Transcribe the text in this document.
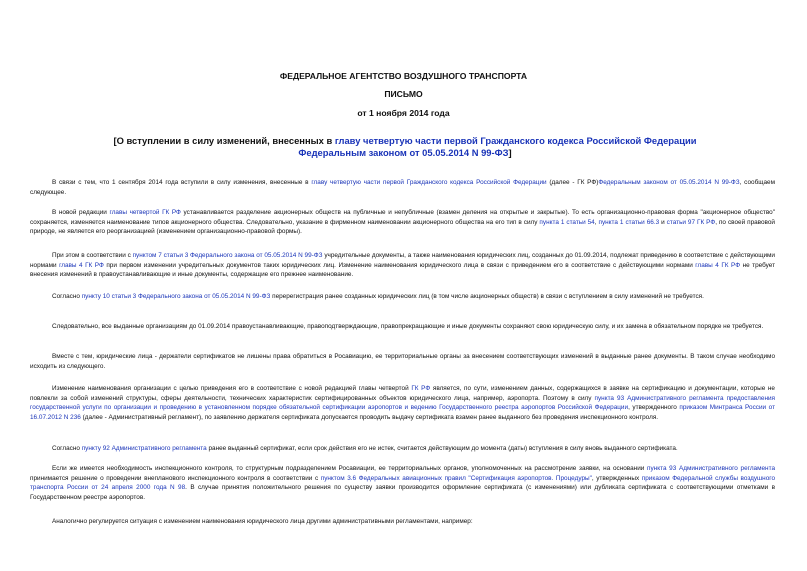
ФЕДЕРАЛЬНОЕ АГЕНТСТВО ВОЗДУШНОГО ТРАНСПОРТА
ПИСЬМО
от 1 ноября 2014 года
[О вступлении в силу изменений, внесенных в главу четвертую части первой Гражданского кодекса Российской Федерации Федеральным законом от 05.05.2014 N 99-ФЗ]

В связи с тем, что 1 сентября 2014 года вступили в силу изменения, внесенные в главу четвертую части первой Гражданского кодекса Российской Федерации (далее - ГК РФ)Федеральным законом от 05.05.2014 N 99-ФЗ, сообщаем следующее.

В новой редакции главы четвертой ГК РФ устанавливается разделение акционерных обществ на публичные и непубличные (взамен деления на открытые и закрытые). То есть организационно-правовая форма "акционерное общество" сохраняется, изменяется наименование типов акционерного общества. Следовательно, указание в фирменном наименовании акционерного общества на его тип в силу пункта 1 статьи 54, пункта 1 статьи 66.3 и статьи 97 ГК РФ, по своей правовой природе, не является его реорганизацией (изменением организационно-правовой формы).

При этом в соответствии с пунктом 7 статьи 3 Федерального закона от 05.05.2014 N 99-ФЗ учредительные документы, а также наименования юридических лиц, созданных до 01.09.2014, подлежат приведению в соответствие с действующими нормами главы 4 ГК РФ при первом изменении учредительных документов таких юридических лиц. Изменение наименования юридического лица в связи с приведением его в соответствие с действующими нормами главы 4 ГК РФ не требует внесения изменений в правоустанавливающие и иные документы, содержащие его прежнее наименование.

Согласно пункту 10 статьи 3 Федерального закона от 05.05.2014 N 99-ФЗ перерегистрация ранее созданных юридических лиц (в том числе акционерных обществ) в связи с вступлением в силу изменений не требуется.

Следовательно, все выданные организациям до 01.09.2014 правоустанавливающие, правоподтверждающие, правопрекращающие и иные документы сохраняют свою юридическую силу, и их замена в обязательном порядке не требуется.

Вместе с тем, юридические лица - держатели сертификатов не лишены права обратиться в Росавиацию, ее территориальные органы за внесением соответствующих изменений в выданные ранее документы. В таком случае необходимо исходить из следующего.

Изменение наименования организации с целью приведения его в соответствие с новой редакцией главы четвертой ГК РФ является, по сути, изменением данных, содержащихся в заявке на сертификацию и документации, которые не повлекли за собой изменений структуры, сферы деятельности, технических характеристик сертифицированных объектов юридического лица, например, аэропорта. Поэтому в силу пункта 93 Административного регламента предоставления государственной услуги по организации и проведению в установленном порядке обязательной сертификации аэропортов и ведению Государственного реестра аэропортов Российской Федерации, утвержденного приказом Минтранса России от 16.07.2012 N 236 (далее - Административный регламент), по заявлению держателя сертификата допускается проводить выдачу сертификата взамен ранее выданного без проведения инспекционного контроля.

Согласно пункту 92 Административного регламента ранее выданный сертификат, если срок действия его не истек, считается действующим до момента (даты) вступления в силу вновь выданного сертификата.

Если же имеется необходимость инспекционного контроля, то структурным подразделением Росавиации, ее территориальных органов, уполномоченных на рассмотрение заявки, на основании пункта 93 Административного регламента принимается решение о проведении внепланового инспекционного контроля в соответствии с пунктом 3.6 Федеральных авиационных правил "Сертификация аэропортов. Процедуры", утвержденных приказом Федеральной службы воздушного транспорта России от 24 апреля 2000 года N 98. В случае принятия положительного решения по существу заявки производится оформление сертификата (с изменениями) или дубликата сертификата с соответствующими отметками в Государственном реестре аэропортов.

Аналогично регулируется ситуация с изменением наименования юридического лица другими административными регламентами, например:
